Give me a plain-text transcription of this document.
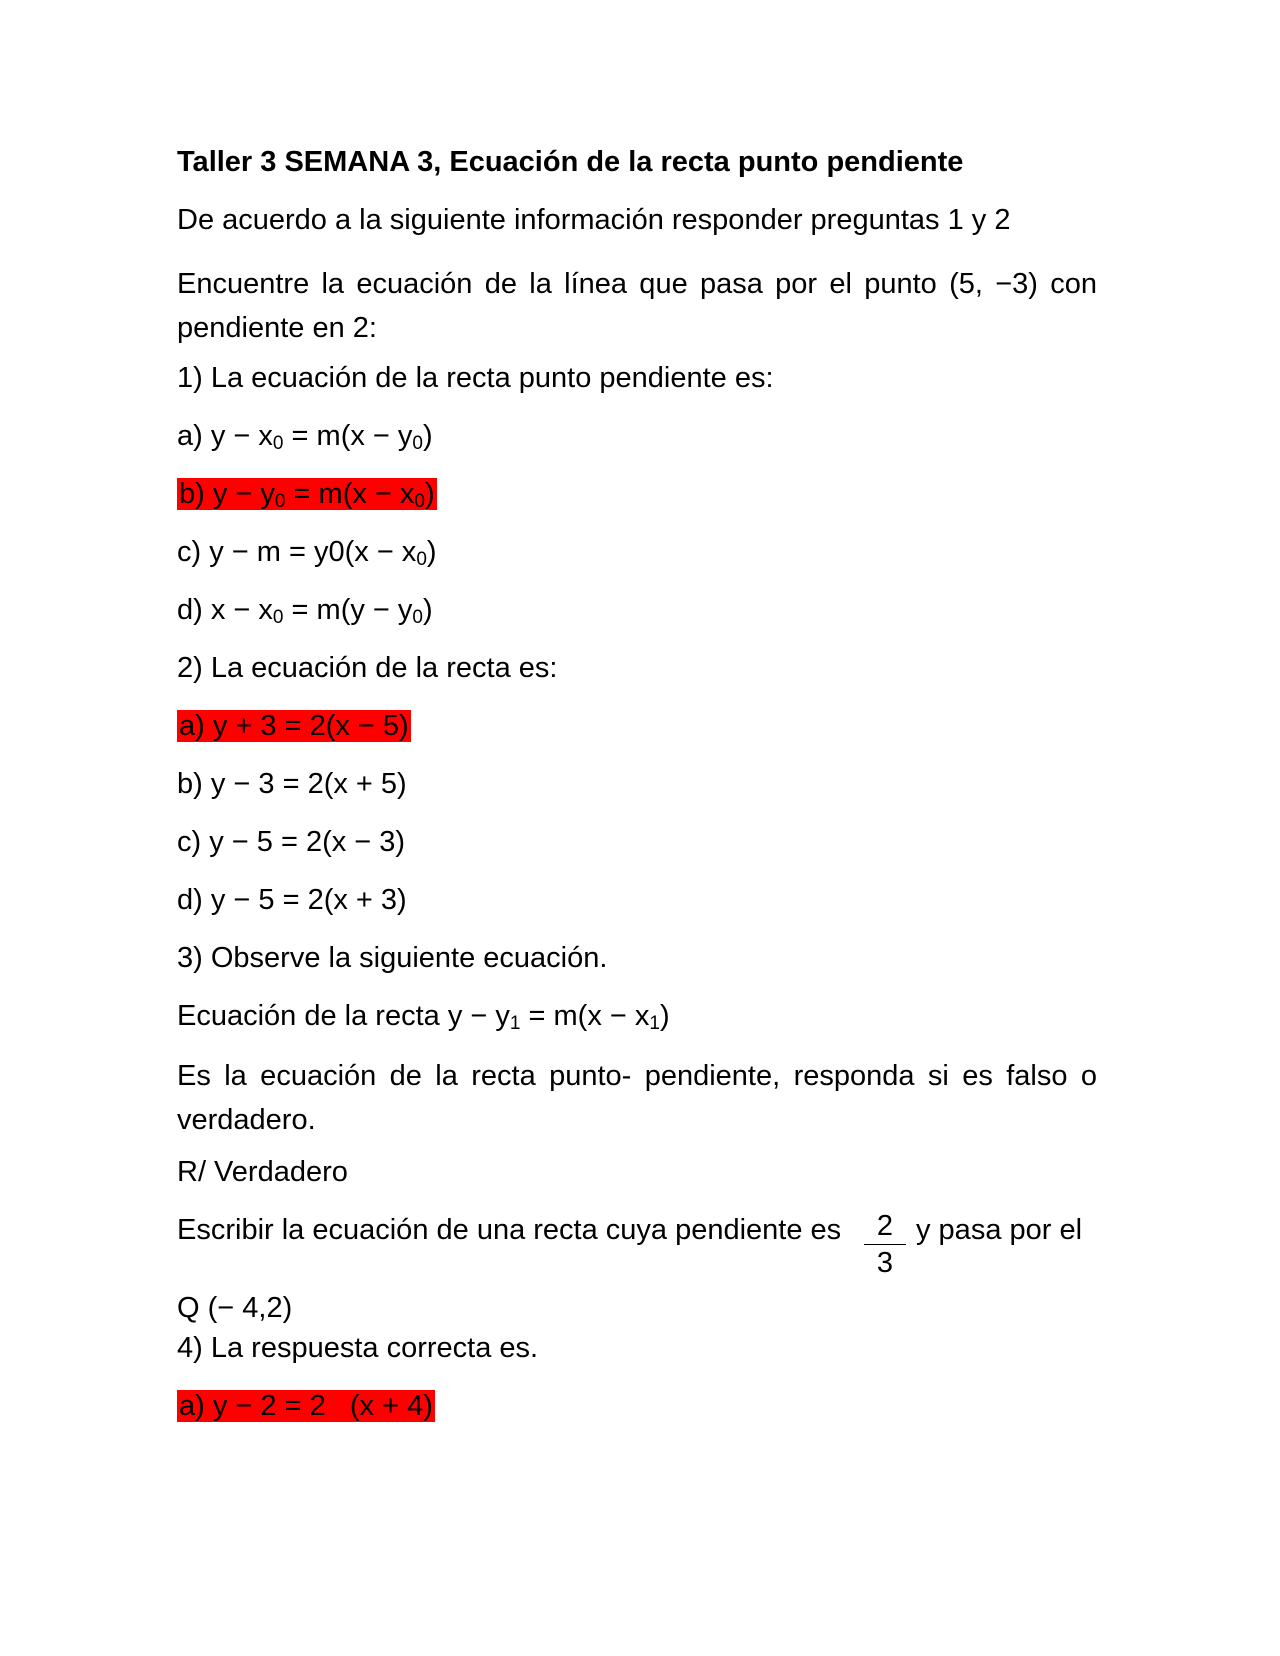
Taller 3 SEMANA 3, Ecuación de la recta punto pendiente
De acuerdo a la siguiente información responder preguntas 1 y 2
Encuentre la ecuación de la línea que pasa por el punto (5, −3) con pendiente en 2:
1) La ecuación de la recta punto pendiente es:
a) $y - x_0 = m(x - y_0)$
b) $y - y_0 = m(x - x_0)$
c) $y - m = y0(x - x_0)$
d) $x - x_0 = m(y - y_0)$
2) La ecuación de la recta es:
a) y + 3 = 2(x − 5)
b) y − 3 = 2(x + 5)
c) y − 5 = 2(x − 3)
d) y − 5 = 2(x + 3)
3) Observe la siguiente ecuación.
Ecuación de la recta $y - y_1 = m(x - x_1)$
Es la ecuación de la recta punto- pendiente, responda si es falso o verdadero.
R/ Verdadero
Escribir la ecuación de una recta cuya pendiente es	2
3
y pasa por el
Q (− 4,2)
4) La respuesta correcta es.
a) y − 2 = 2   (x + 4)
